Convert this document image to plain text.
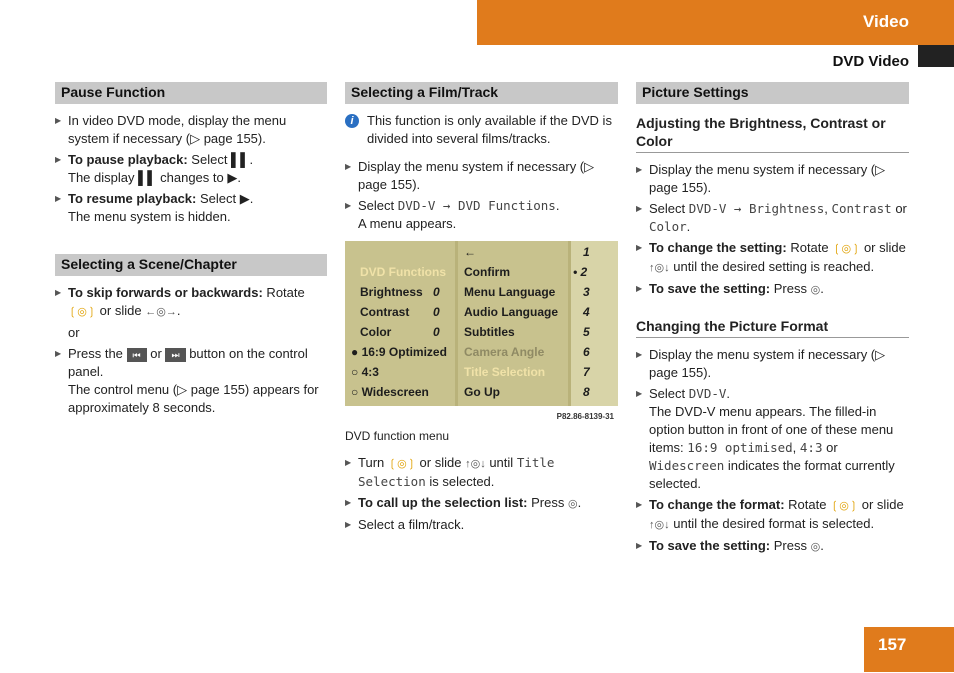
Video
DVD Video
Pause Function
▶ In video DVD mode, display the menu system if necessary (▷ page 155).
▶ To pause playback: Select ▌▌.
The display ▌▌ changes to ▶.
▶ To resume playback: Select ▶.
The menu system is hidden.
Selecting a Scene/Chapter
▶ To skip forwards or backwards: Rotate
❲◎❳ or slide ←◎→.
or
▶ Press the ⏮ or ⏭ button on the control panel.
The control menu (▷ page 155) appears for approximately 8 seconds.
Selecting a Film/Track
i	This function is only available if the DVD is divided into several films/tracks.
▶ Display the menu system if necessary (▷ page 155).
▶ Select DVD-V → DVD Functions.
A menu appears.
DVD Functions
Brightness 0
Contrast 0
Color	0
● 16:9 Optimized
○ 4:3
○ Widescreen
←
Confirm
Menu Language
Audio Language
Subtitles
Camera Angle
Title Selection
Go Up
1
• 2
3
4
5
6
7
8
P82.86-8139-31
DVD function menu
▶ Turn ❲◎❳ or slide ↑◎↓ until Title Selection is selected.
▶ To call up the selection list: Press ◎.
▶ Select a film/track.
Picture Settings
Adjusting the Brightness, Contrast or Color
▶ Display the menu system if necessary (▷ page 155).
▶ Select DVD-V → Brightness, Contrast or Color.
▶ To change the setting: Rotate ❲◎❳ or slide ↑◎↓ until the desired setting is reached.
▶ To save the setting: Press ◎.
Changing the Picture Format
▶ Display the menu system if necessary (▷ page 155).
▶ Select DVD-V.
The DVD-V menu appears. The filled-in option button in front of one of these menu items: 16:9 optimised, 4:3 or Widescreen indicates the format currently selected.
▶ To change the format: Rotate ❲◎❳ or slide ↑◎↓ until the desired format is selected.
▶ To save the setting: Press ◎.
157
